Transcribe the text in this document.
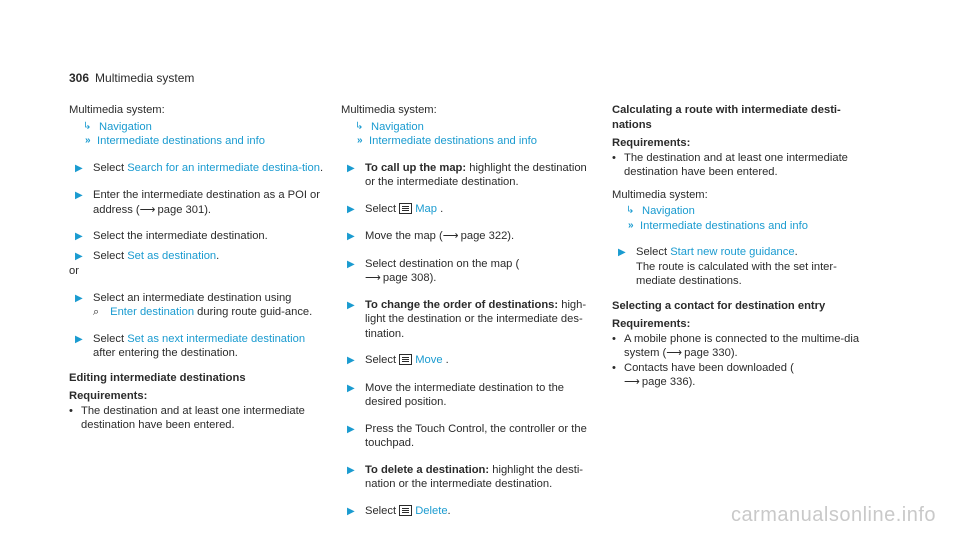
306 Multimedia system

Multimedia system:

↳ Navigation
» Intermediate destinations and info
▶ Select Search for an intermediate destina-tion.
▶ Enter the intermediate destination as a POI or address (⟶ page 301).
▶ Select the intermediate destination.
▶ Select Set as destination.

or

▶ Select an intermediate destination using
⌕ Enter destination during route guid-ance.
▶ Select Set as next intermediate destination after entering the destination.

Editing intermediate destinations

Requirements:

• The destination and at least one intermediate destination have been entered.

Multimedia system:

↳ Navigation
» Intermediate destinations and info
▶ To call up the map: highlight the destination or the intermediate destination.
▶ Select Map .
▶ Move the map (⟶ page 322).
▶ Select destination on the map (
⟶ page 308).
▶ To change the order of destinations: high-light the destination or the intermediate des-tination.
▶ Select Move .
▶ Move the intermediate destination to the desired position.
▶ Press the Touch Control, the controller or the touchpad.
▶ To delete a destination: highlight the desti-nation or the intermediate destination.
▶ Select Delete.

Calculating a route with intermediate desti-nations

Requirements:

• The destination and at least one intermediate destination have been entered.

Multimedia system:

↳ Navigation
» Intermediate destinations and info
▶ Select Start new route guidance.
The route is calculated with the set inter-mediate destinations.

Selecting a contact for destination entry

Requirements:

• A mobile phone is connected to the multime-dia system (⟶ page 330).
• Contacts have been downloaded (
⟶ page 336).
carmanualsonline.info
